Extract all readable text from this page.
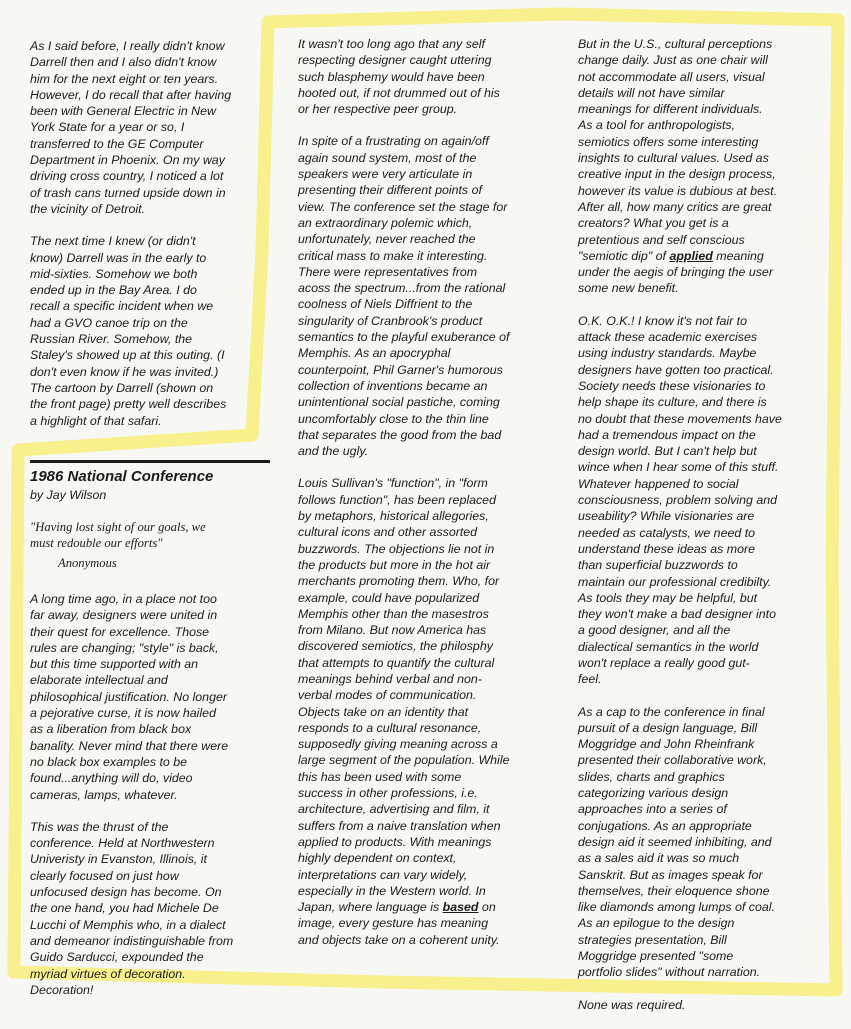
As I said before, I really didn't know
Darrell then and I also didn't know
him for the next eight or ten years.
However, I do recall that after having
been with General Electric in New
York State for a year or so, I
transferred to the GE Computer
Department in Phoenix. On my way
driving cross country, I noticed a lot
of trash cans turned upside down in
the vicinity of Detroit.

The next time I knew (or didn't
know) Darrell was in the early to
mid-sixties. Somehow we both
ended up in the Bay Area. I do
recall a specific incident when we
had a GVO canoe trip on the
Russian River. Somehow, the
Staley's showed up at this outing. (I
don't even know if he was invited.)
The cartoon by Darrell (shown on
the front page) pretty well describes
a highlight of that safari.

1986 National Conference
by Jay Wilson
"Having lost sight of our goals, we
must redouble our efforts"
Anonymous

A long time ago, in a place not too
far away, designers were united in
their quest for excellence. Those
rules are changing; "style" is back,
but this time supported with an
elaborate intellectual and
philosophical justification. No longer
a pejorative curse, it is now hailed
as a liberation from black box
banality. Never mind that there were
no black box examples to be
found...anything will do, video
cameras, lamps, whatever.

This was the thrust of the
conference. Held at Northwestern
Univeristy in Evanston, Illinois, it
clearly focused on just how
unfocused design has become. On
the one hand, you had Michele De
Lucchi of Memphis who, in a dialect
and demeanor indistinguishable from
Guido Sarducci, expounded the
myriad virtues of decoration.
Decoration!

It wasn't too long ago that any self
respecting designer caught uttering
such blasphemy would have been
hooted out, if not drummed out of his
or her respective peer group.

In spite of a frustrating on again/off
again sound system, most of the
speakers were very articulate in
presenting their different points of
view. The conference set the stage for
an extraordinary polemic which,
unfortunately, never reached the
critical mass to make it interesting.
There were representatives from
acoss the spectrum...from the rational
coolness of Niels Diffrient to the
singularity of Cranbrook's product
semantics to the playful exuberance of
Memphis. As an apocryphal
counterpoint, Phil Garner's humorous
collection of inventions became an
unintentional social pastiche, coming
uncomfortably close to the thin line
that separates the good from the bad
and the ugly.

Louis Sullivan's "function", in "form
follows function", has been replaced
by metaphors, historical allegories,
cultural icons and other assorted
buzzwords. The objections lie not in
the products but more in the hot air
merchants promoting them. Who, for
example, could have popularized
Memphis other than the masestros
from Milano. But now America has
discovered semiotics, the philosphy
that attempts to quantify the cultural
meanings behind verbal and non-
verbal modes of communication.
Objects take on an identity that
responds to a cultural resonance,
supposedly giving meaning across a
large segment of the population. While
this has been used with some
success in other professions, i.e.
architecture, advertising and film, it
suffers from a naive translation when
applied to products. With meanings
highly dependent on context,
interpretations can vary widely,
especially in the Western world. In
Japan, where language is based on
image, every gesture has meaning
and objects take on a coherent unity.

But in the U.S., cultural perceptions
change daily. Just as one chair will
not accommodate all users, visual
details will not have similar
meanings for different individuals.
As a tool for anthropologists,
semiotics offers some interesting
insights to cultural values. Used as
creative input in the design process,
however its value is dubious at best.
After all, how many critics are great
creators? What you get is a
pretentious and self conscious
"semiotic dip" of applied meaning
under the aegis of bringing the user
some new benefit.

O.K. O.K.! I know it's not fair to
attack these academic exercises
using industry standards. Maybe
designers have gotten too practical.
Society needs these visionaries to
help shape its culture, and there is
no doubt that these movements have
had a tremendous impact on the
design world. But I can't help but
wince when I hear some of this stuff.
Whatever happened to social
consciousness, problem solving and
useability? While visionaries are
needed as catalysts, we need to
understand these ideas as more
than superficial buzzwords to
maintain our professional credibilty.
As tools they may be helpful, but
they won't make a bad designer into
a good designer, and all the
dialectical semantics in the world
won't replace a really good gut-
feel.

As a cap to the conference in final
pursuit of a design language, Bill
Moggridge and John Rheinfrank
presented their collaborative work,
slides, charts and graphics
categorizing various design
approaches into a series of
conjugations. As an appropriate
design aid it seemed inhibiting, and
as a sales aid it was so much
Sanskrit. But as images speak for
themselves, their eloquence shone
like diamonds among lumps of coal.
As an epilogue to the design
strategies presentation, Bill
Moggridge presented "some
portfolio slides" without narration.

None was required.
